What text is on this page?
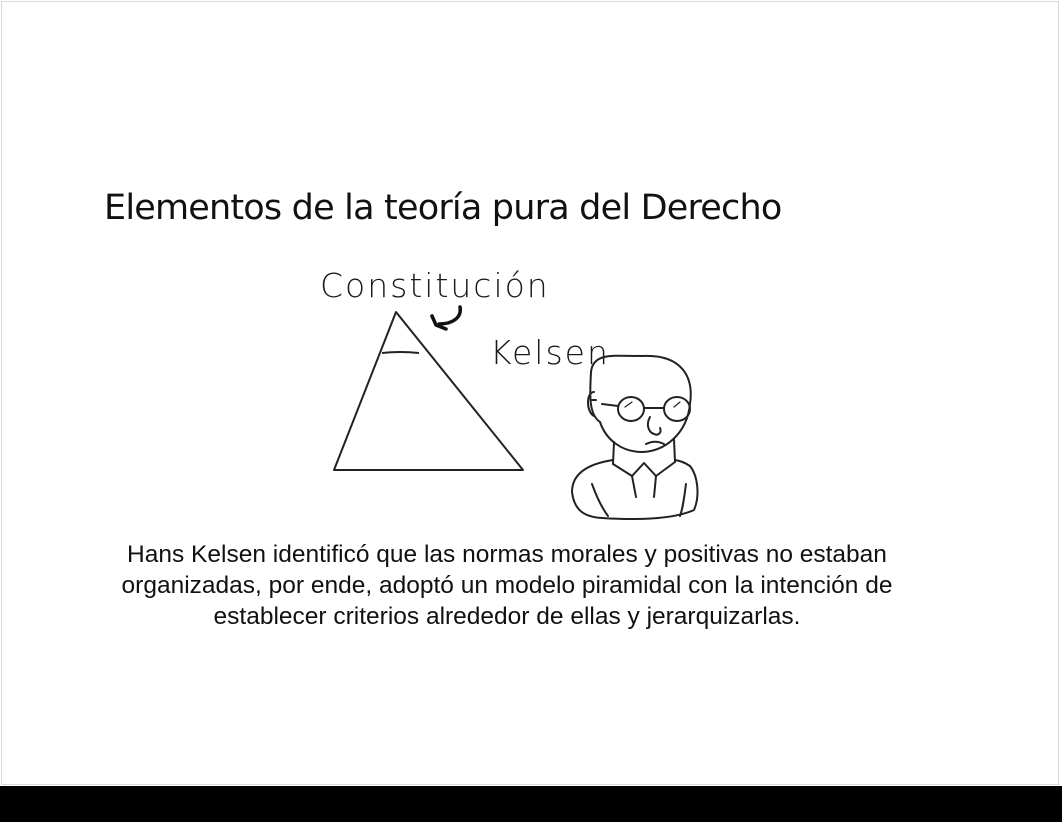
Elementos de la teoría pura del Derecho
Constitución
Kelsen

Hans Kelsen identificó que las normas morales y positivas no estaban organizadas, por ende, adoptó un modelo piramidal con la intención de establecer criterios alrededor de ellas y jerarquizarlas.
